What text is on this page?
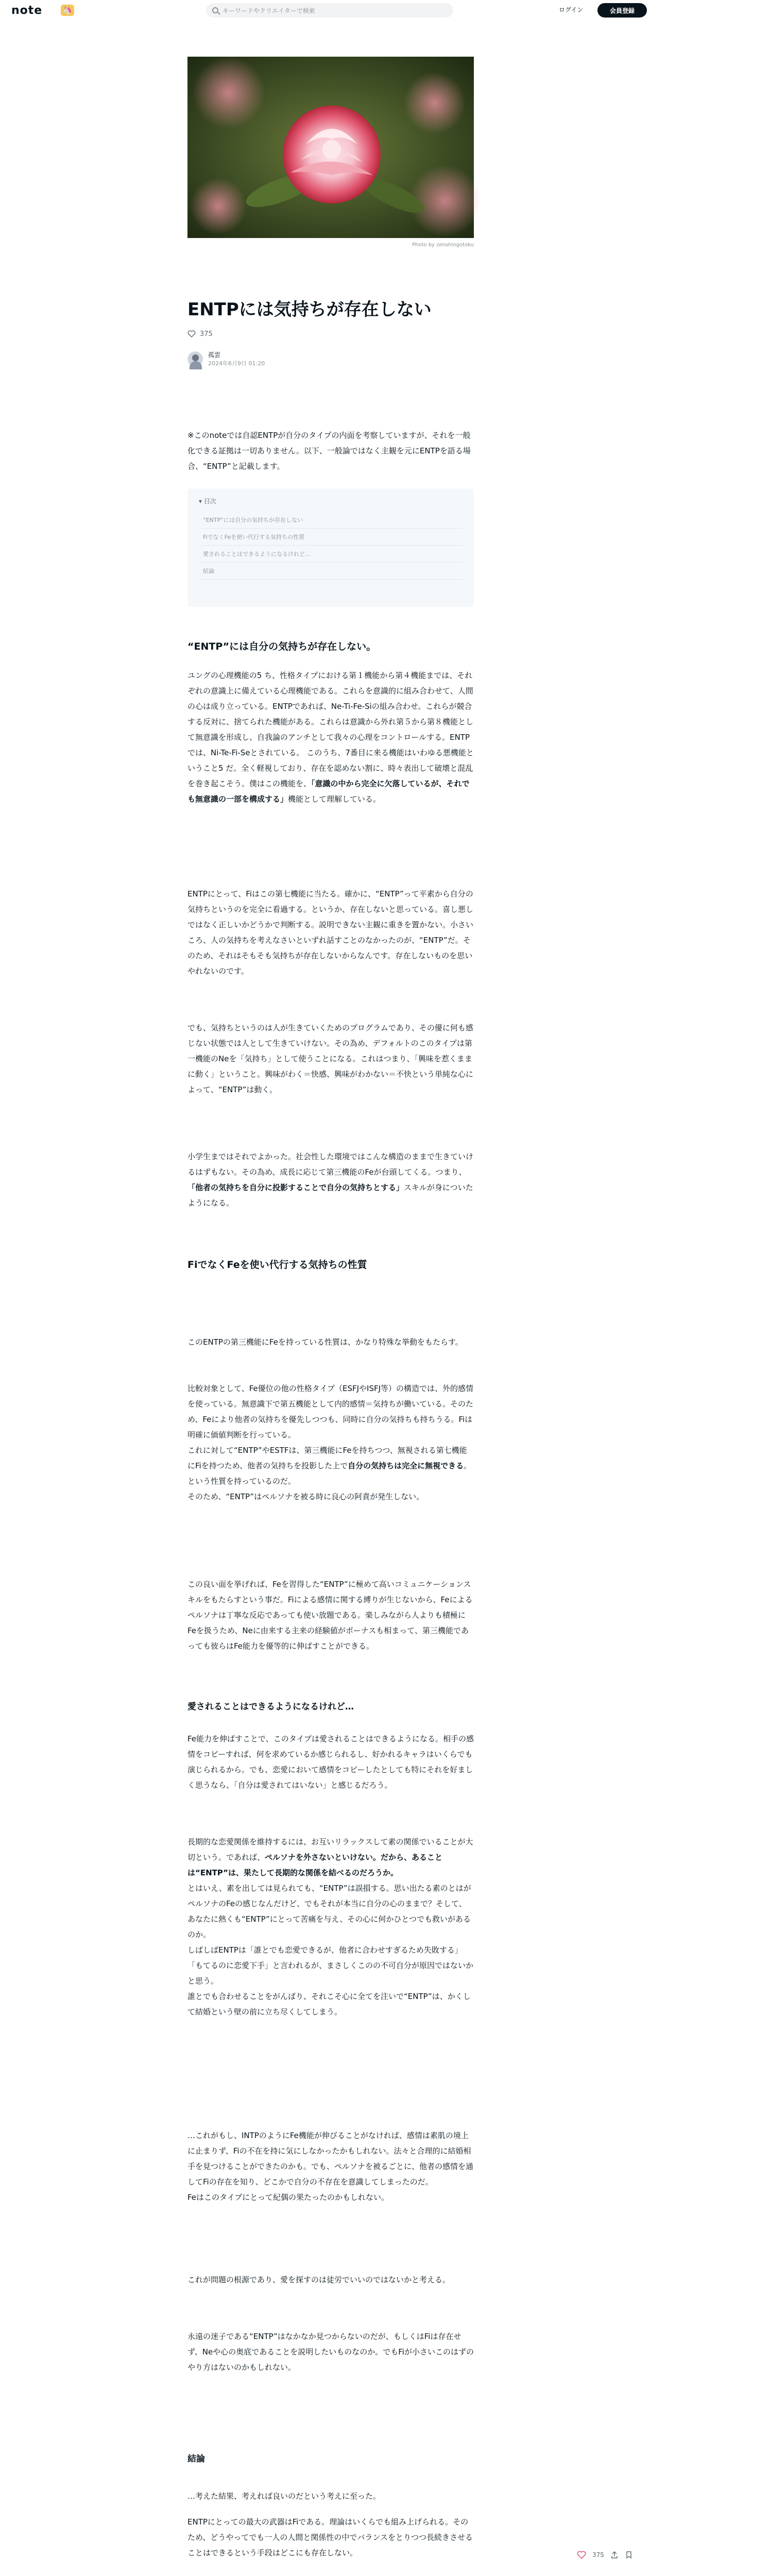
note	🦄	キーワードやクリエイターで検索	ログイン	会員登録
Photo by zenshingotoku
ENTPには気持ちが存在しない
375
孤雲
2024年6月9日 01:20

※このnoteでは自認ENTPが自分のタイプの内面を考察していますが、それを一般化できる証拠は一切ありません。以下、一般論ではなく主観を元にENTPを語る場合、“ENTP”と記載します。

▾ 目次
“ENTP”には自分の気持ちが存在しない
FiでなくFeを使い代行する気持ちの性質
愛されることはできるようになるけれど…
結論
“ENTP”には自分の気持ちが存在しない。

ユングの心理機能の5 ち、性格タイプにおける第１機能から第４機能までは、それぞれの意識上に備えている心理機能である。これらを意識的に組み合わせて、人間の心は成り立っている。ENTPであれば、Ne-Ti-Fe-Siの組み合わせ。これらが競合する反対に、捨てられた機能がある。これらは意識から外れ第５から第８機能として無意識を形成し、自我論のアンチとして我々の心理をコントロールする。ENTPでは、Ni-Te-Fi-Seとされている。 このうち、7番目に来る機能はいわゆる悪機能ということ5 だ。全く軽視しており、存在を認めない割に、時々表出して破壊と混乱を巻き起こそう。僕はこの機能を、「意識の中から完全に欠落しているが、それでも無意識の一部を構成する」機能として理解している。

ENTPにとって、Fiはこの第七機能に当たる。確かに、“ENTP”って平素から自分の気持ちというのを完全に看過する。というか、存在しないと思っている。喜し悪しではなく正しいかどうかで判断する。説明できない主観に重きを置かない。小さいころ、人の気持ちを考えなさいといずれ話すことのなかったのが、“ENTP”だ。そのため、それはそもそも気持ちが存在しないからなんです。存在しないものを思いやれないのです。

でも、気持ちというのは人が生きていくためのプログラムであり、その優に何も感じない状態では人として生きていけない。その為め、デフォルトのこのタイプは第一機能のNeを「気持ち」として使うことになる。これはつまり、「興味を惹くままに動く」ということ。興味がわく＝快感、興味がわかない＝不快という単純な心によって、“ENTP”は動く。

小学生まではそれでよかった。社会性した環境ではこんな構造のままで生きていけるはずもない。その為め、成長に応じて第三機能のFeが台頭してくる。つまり、「他者の気持ちを自分に投影することで自分の気持ちとする」スキルが身についたようになる。

FiでなくFeを使い代行する気持ちの性質

このENTPの第三機能にFeを持っている性質は、かなり特殊な挙動をもたらす。

比較対象として、Fe優位の他の性格タイプ（ESFJやISFJ等）の構造では、外的感情を使っている。無意識下で第五機能として内的感情＝気持ちが働いている。そのため、Feにより他者の気持ちを優先しつつも、同時に自分の気持ちも持ちうる。Fiは明確に価値判断を行っている。
これに対して“ENTP”やESTFは、第三機能にFeを持ちつつ、無視される第七機能にFiを持つため、他者の気持ちを投影した上で自分の気持ちは完全に無視できる。という性質を持っているのだ。
そのため、“ENTP”はペルソナを被る時に良心の阿責が発生しない。

この良い面を挙げれば、Feを習得した“ENTP”に極めて高いコミュニケーションスキルをもたらすという事だ。Fiによる感情に関する縛りが生じないから、Feによるペルソナは丁寧な反応であっても使い放題である。楽しみながら人よりも積極にFeを扱うため、Neに由来する主来の経験値がボーナスも相まって、第三機能であっても彼らはFe能力を優等的に伸ばすことができる。

愛されることはできるようになるけれど…

Fe能力を伸ばすことで、このタイプは愛されることはできるようになる。相手の感情をコピーすれば、何を求めているか感じられるし、好かれるキャラはいくらでも演じられるから。でも、恋愛において感情をコピーしたとしても特にそれを好ましく思うなら、「自分は愛されてはいない」と感じるだろう。

長期的な恋愛関係を維持するには、お互いリラックスして素の関係でいることが大切という。であれば、ペルソナを外さないといけない。だから、あることは“ENTP”は、果たして長期的な関係を結べるのだろうか。
とはいえ、素を出しては見られても、“ENTP”は誤損する。思い出たる素のとはがペルソナのFeの感じなんだけど、でもそれが本当に自分の心のままで？そして、あなたに熱くも“ENTP”にとって苦痛を与え、その心に何かひとつでも救いがあるのか。
しばしばENTPは「誰とでも恋愛できるが、他者に合わせすぎるため失敗する」「もてるのに恋愛下手」と言われるが、まさしくこのの不可自分が原因ではないかと思う。
誰とでも合わせることをがんばり、それこそ心に全てを注いで“ENTP”は、かくして結婚という壁の前に立ち尽くしてしまう。

…これがもし、INTPのようにFe機能が伸びることがなければ、感情は素肌の境上に止まりず、Fiの不在を持に気にしなかったかもしれない。法々と合理的に結婚相手を見つけることができたのかも。でも、ペルソナを被るごとに、他者の感情を通してFiの存在を知り、どこかで自分の不存在を意識してしまったのだ。
Feはこのタイプにとって紀偶の果たったのかもしれない。

これが問題の根源であり、愛を探すのは徒労でいいのではないかと考える。

永遠の迷子である“ENTP”はなかなか見つからないのだが、もしくはFiは存在せず、Neや心の奥底であることを説明したいものなのか。でもFiが小さいこのはずのやり方はないのかもしれない。

結論

…考えた結果、考えれば良いのだという考えに至った。

ENTPにとっての最大の武器はFiである。理論はいくらでも組み上げられる。そのため、どうやってでも一人の人間と関係性の中でバランスをとりつつ長続きさせることはできるという手段はどこにも存在しない。	375
